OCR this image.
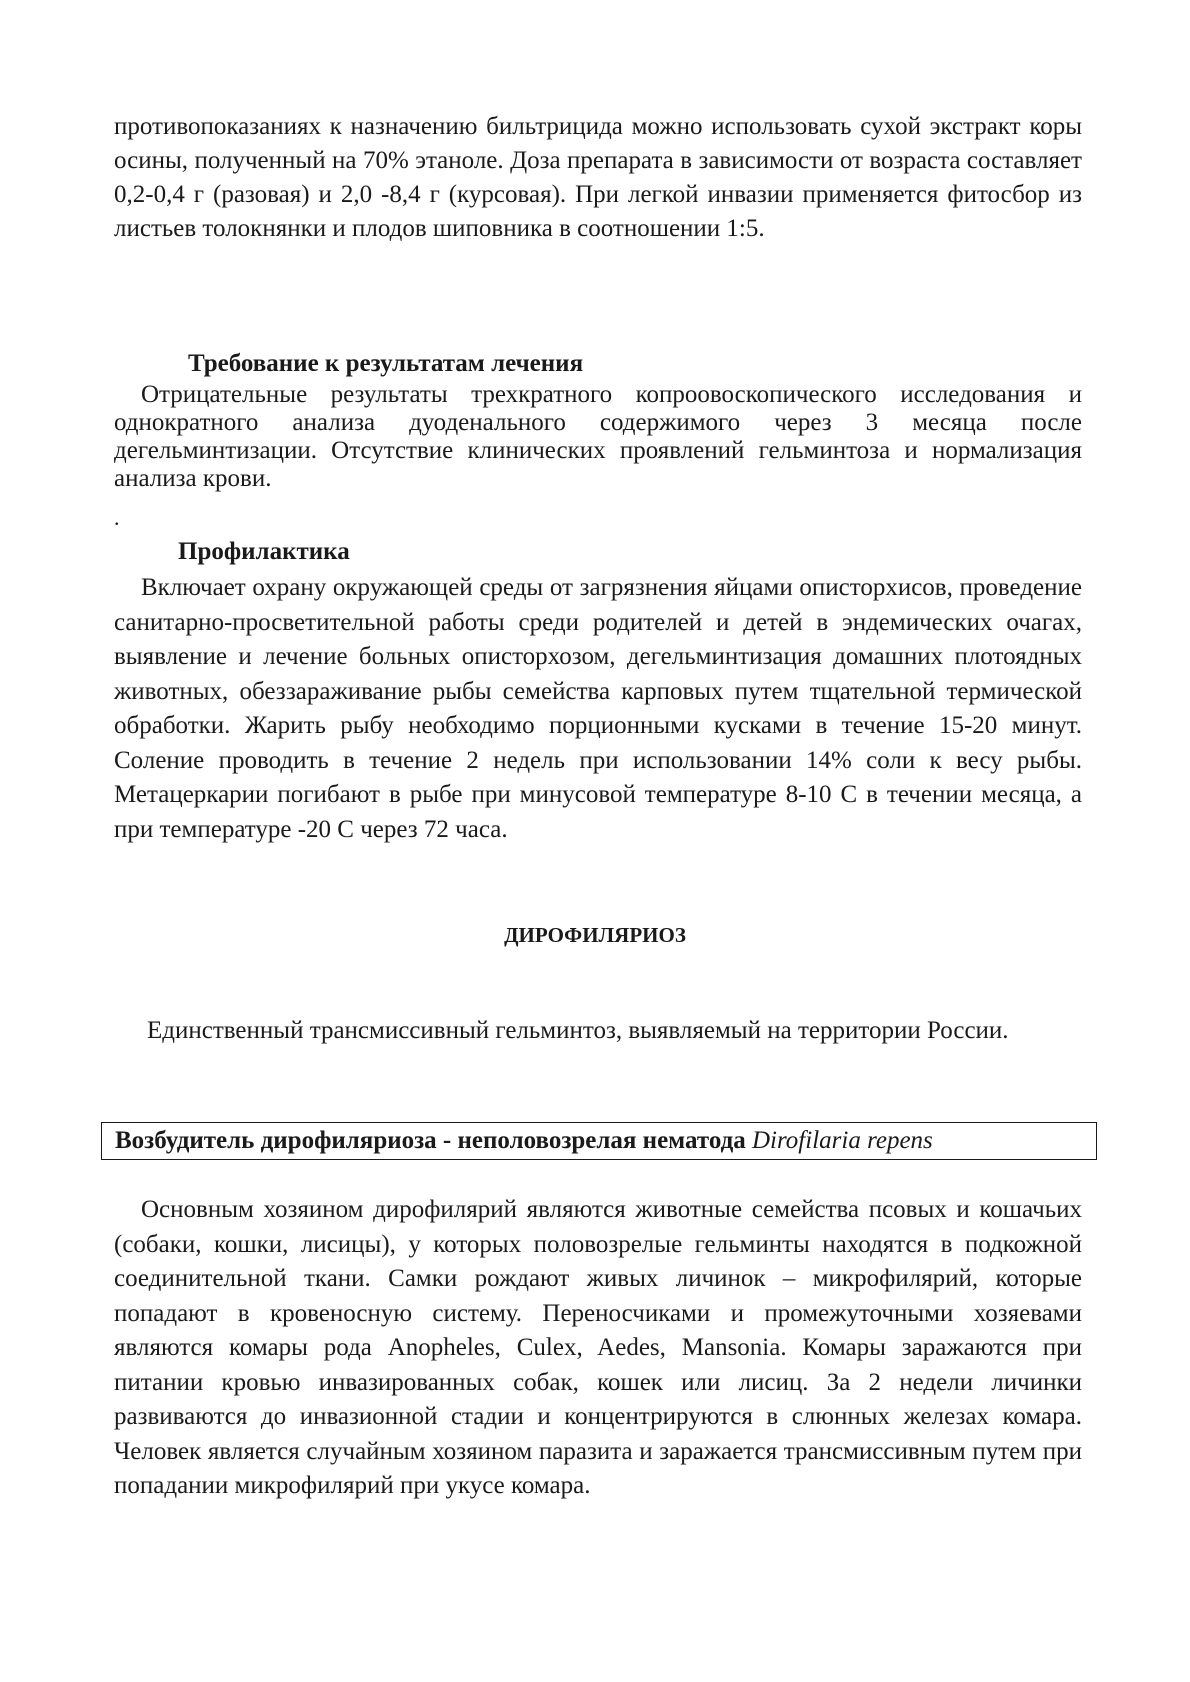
противопоказаниях к назначению бильтрицида можно использовать сухой экстракт коры осины, полученный на 70% этаноле. Доза препарата в зависимости от возраста составляет 0,2-0,4 г (разовая) и 2,0 -8,4 г (курсовая). При легкой инвазии применяется фитосбор из листьев толокнянки и плодов шиповника в соотношении 1:5.

Требование к результатам лечения

Отрицательные результаты трехкратного копроовоскопического исследования и однократного анализа дуоденального содержимого через 3 месяца после дегельминтизации. Отсутствие клинических проявлений гельминтоза и нормализация анализа крови.

.

Профилактика

Включает охрану окружающей среды от загрязнения яйцами описторхисов, проведение санитарно-просветительной работы среди родителей и детей в эндемических очагах, выявление и лечение больных описторхозом, дегельминтизация домашних плотоядных животных, обеззараживание рыбы семейства карповых путем тщательной термической обработки. Жарить рыбу необходимо порционными кусками в течение 15-20 минут. Соление проводить в течение 2 недель при использовании 14% соли к весу рыбы. Метацеркарии погибают в рыбе при минусовой температуре 8-10 С в течении месяца, а при температуре -20 С через 72 часа.

ДИРОФИЛЯРИОЗ

Единственный трансмиссивный гельминтоз, выявляемый на территории России.

Возбудитель дирофиляриоза - неполовозрелая нематода Dirofilaria repens

Основным хозяином дирофилярий являются животные семейства псовых и кошачьих (собаки, кошки, лисицы), у которых половозрелые гельминты находятся в подкожной соединительной ткани. Самки рождают живых личинок – микрофилярий, которые попадают в кровеносную систему. Переносчиками и промежуточными хозяевами являются комары рода Anopheles, Culex, Aedes, Mansonia. Комары заражаются при питании кровью инвазированных собак, кошек или лисиц. За 2 недели личинки развиваются до инвазионной стадии и концентрируются в слюнных железах комара. Человек является случайным хозяином паразита и заражается трансмиссивным путем при попадании микрофилярий при укусе комара.
